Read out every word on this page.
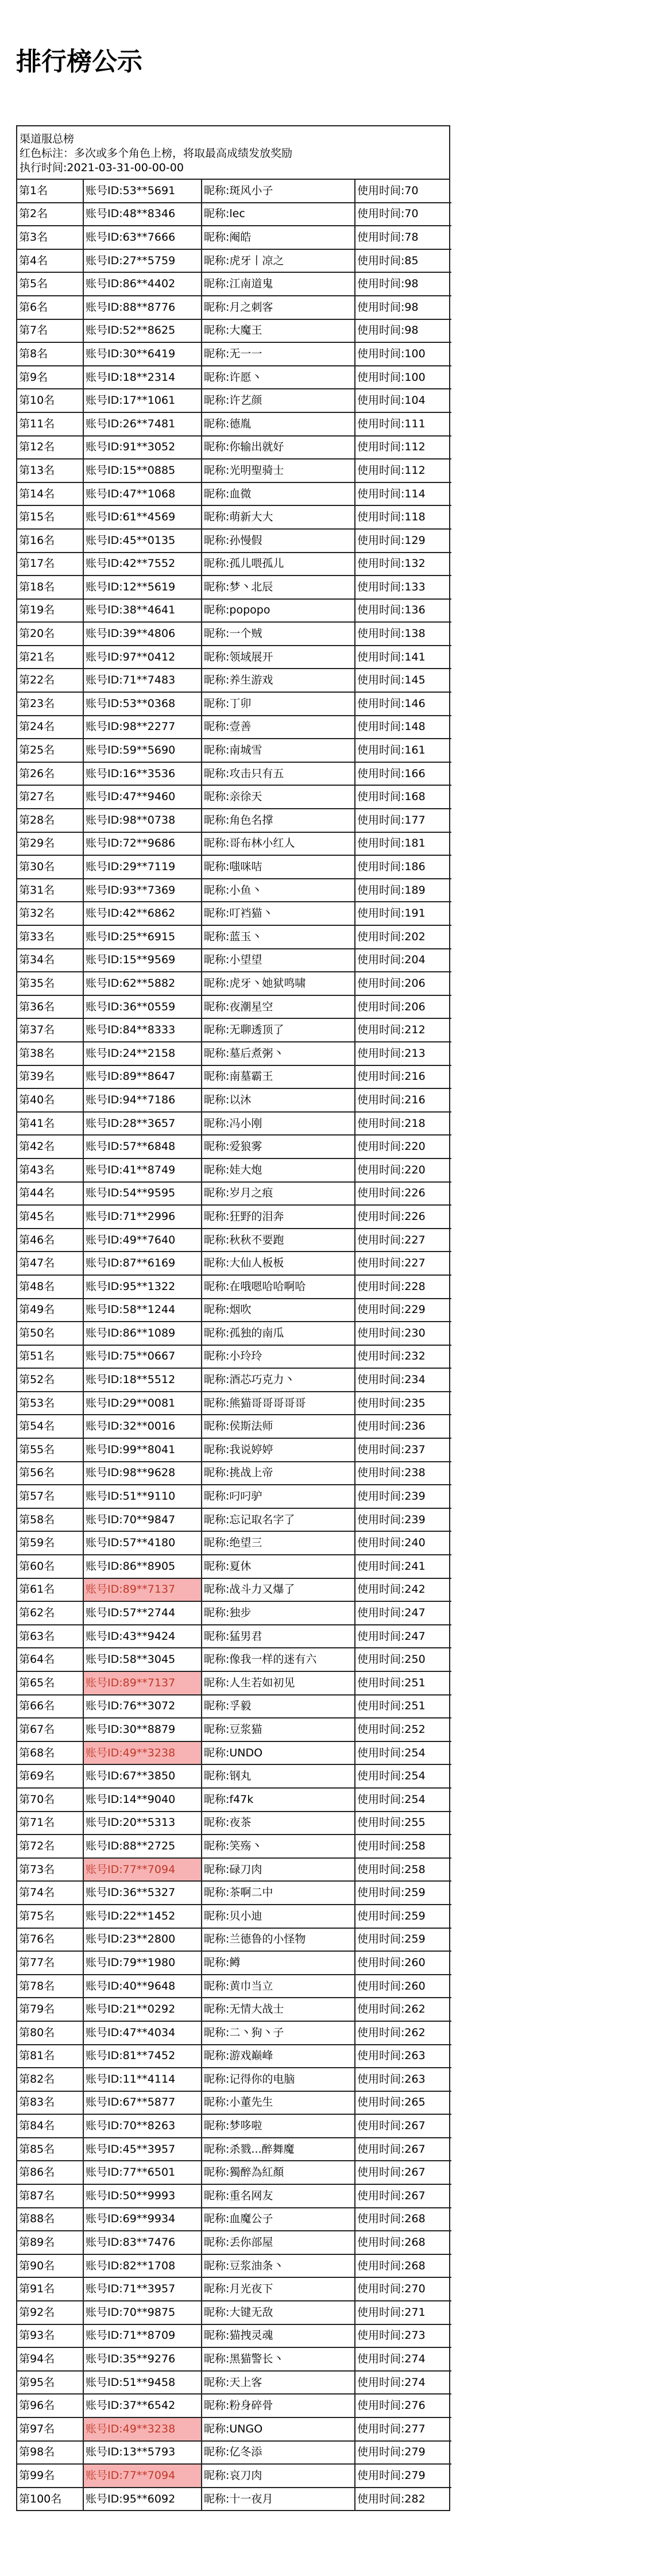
排行榜公示
渠道服总榜
红色标注：多次或多个角色上榜，将取最高成绩发放奖励
执行时间:2021-03-31-00-00-00
第1名	账号ID:53**5691	昵称:斑风小子	使用时间:70
第2名	账号ID:48**8346	昵称:lec	使用时间:70
第3名	账号ID:63**7666	昵称:阉皓	使用时间:78
第4名	账号ID:27**5759	昵称:虎牙丨凉之	使用时间:85
第5名	账号ID:86**4402	昵称:江南道鬼	使用时间:98
第6名	账号ID:88**8776	昵称:月之刺客	使用时间:98
第7名	账号ID:52**8625	昵称:大魔王	使用时间:98
第8名	账号ID:30**6419	昵称:无一一	使用时间:100
第9名	账号ID:18**2314	昵称:许愿丶	使用时间:100
第10名	账号ID:17**1061	昵称:许艺颜	使用时间:104
第11名	账号ID:26**7481	昵称:德胤	使用时间:111
第12名	账号ID:91**3052	昵称:你输出就好	使用时间:112
第13名	账号ID:15**0885	昵称:光明聖骑士	使用时间:112
第14名	账号ID:47**1068	昵称:血微	使用时间:114
第15名	账号ID:61**4569	昵称:萌新大大	使用时间:118
第16名	账号ID:45**0135	昵称:孙慢假	使用时间:129
第17名	账号ID:42**7552	昵称:孤儿喂孤儿	使用时间:132
第18名	账号ID:12**5619	昵称:梦丶北辰	使用时间:133
第19名	账号ID:38**4641	昵称:popopo	使用时间:136
第20名	账号ID:39**4806	昵称:一个贼	使用时间:138
第21名	账号ID:97**0412	昵称:领域展开	使用时间:141
第22名	账号ID:71**7483	昵称:养生游戏	使用时间:145
第23名	账号ID:53**0368	昵称:丁卯	使用时间:146
第24名	账号ID:98**2277	昵称:壹善	使用时间:148
第25名	账号ID:59**5690	昵称:南城雪	使用时间:161
第26名	账号ID:16**3536	昵称:攻击只有五	使用时间:166
第27名	账号ID:47**9460	昵称:亲徐天	使用时间:168
第28名	账号ID:98**0738	昵称:角色名撑	使用时间:177
第29名	账号ID:72**9686	昵称:哥布林小红人	使用时间:181
第30名	账号ID:29**7119	昵称:嗤咪咭	使用时间:186
第31名	账号ID:93**7369	昵称:小鱼丶	使用时间:189
第32名	账号ID:42**6862	昵称:叮裆猫丶	使用时间:191
第33名	账号ID:25**6915	昵称:蓝玉丶	使用时间:202
第34名	账号ID:15**9569	昵称:小望望	使用时间:204
第35名	账号ID:62**5882	昵称:虎牙丶她狱鸣啸	使用时间:206
第36名	账号ID:36**0559	昵称:夜潮星空	使用时间:206
第37名	账号ID:84**8333	昵称:无聊透顶了	使用时间:212
第38名	账号ID:24**2158	昵称:墓后煮粥丶	使用时间:213
第39名	账号ID:89**8647	昵称:南墓霸王	使用时间:216
第40名	账号ID:94**7186	昵称:以沐	使用时间:216
第41名	账号ID:28**3657	昵称:冯小刚	使用时间:218
第42名	账号ID:57**6848	昵称:爱狼雾	使用时间:220
第43名	账号ID:41**8749	昵称:娃大炮	使用时间:220
第44名	账号ID:54**9595	昵称:岁月之痕	使用时间:226
第45名	账号ID:71**2996	昵称:狂野的泪奔	使用时间:226
第46名	账号ID:49**7640	昵称:秋秋不要跑	使用时间:227
第47名	账号ID:87**6169	昵称:大仙人板板	使用时间:227
第48名	账号ID:95**1322	昵称:在哦嗯哈哈啊哈	使用时间:228
第49名	账号ID:58**1244	昵称:烟吹	使用时间:229
第50名	账号ID:86**1089	昵称:孤独的南瓜	使用时间:230
第51名	账号ID:75**0667	昵称:小玲玲	使用时间:232
第52名	账号ID:18**5512	昵称:酒芯巧克力丶	使用时间:234
第53名	账号ID:29**0081	昵称:熊猫哥哥哥哥哥	使用时间:235
第54名	账号ID:32**0016	昵称:侯斯法师	使用时间:236
第55名	账号ID:99**8041	昵称:我说婷婷	使用时间:237
第56名	账号ID:98**9628	昵称:挑战上帝	使用时间:238
第57名	账号ID:51**9110	昵称:叼叼驴	使用时间:239
第58名	账号ID:70**9847	昵称:忘记取名字了	使用时间:239
第59名	账号ID:57**4180	昵称:绝望三	使用时间:240
第60名	账号ID:86**8905	昵称:夏休	使用时间:241
第61名	账号ID:89**7137	昵称:战斗力又爆了	使用时间:242
第62名	账号ID:57**2744	昵称:独步	使用时间:247
第63名	账号ID:43**9424	昵称:猛男君	使用时间:247
第64名	账号ID:58**3045	昵称:像我一样的迷有六	使用时间:250
第65名	账号ID:89**7137	昵称:人生若如初见	使用时间:251
第66名	账号ID:76**3072	昵称:孚毅	使用时间:251
第67名	账号ID:30**8879	昵称:豆浆猫	使用时间:252
第68名	账号ID:49**3238	昵称:UNDO	使用时间:254
第69名	账号ID:67**3850	昵称:钢丸	使用时间:254
第70名	账号ID:14**9040	昵称:f47k	使用时间:254
第71名	账号ID:20**5313	昵称:夜茶	使用时间:255
第72名	账号ID:88**2725	昵称:笑殇丶	使用时间:258
第73名	账号ID:77**7094	昵称:碌刀肉	使用时间:258
第74名	账号ID:36**5327	昵称:茶啊二中	使用时间:259
第75名	账号ID:22**1452	昵称:贝小迪	使用时间:259
第76名	账号ID:23**2800	昵称:兰德鲁的小怪物	使用时间:259
第77名	账号ID:79**1980	昵称:鳟	使用时间:260
第78名	账号ID:40**9648	昵称:黄巾当立	使用时间:260
第79名	账号ID:21**0292	昵称:无情大战士	使用时间:262
第80名	账号ID:47**4034	昵称:二丶狗丶子	使用时间:262
第81名	账号ID:81**7452	昵称:游戏巅峰	使用时间:263
第82名	账号ID:11**4114	昵称:记得你的电脑	使用时间:263
第83名	账号ID:67**5877	昵称:小董先生	使用时间:265
第84名	账号ID:70**8263	昵称:梦哆啦	使用时间:267
第85名	账号ID:45**3957	昵称:杀戮...醉舞魔	使用时间:267
第86名	账号ID:77**6501	昵称:獨醉為紅顏	使用时间:267
第87名	账号ID:50**9993	昵称:重名网友	使用时间:267
第88名	账号ID:69**9934	昵称:血魔公子	使用时间:268
第89名	账号ID:83**7476	昵称:丢你部屋	使用时间:268
第90名	账号ID:82**1708	昵称:豆浆油条丶	使用时间:268
第91名	账号ID:71**3957	昵称:月光夜下	使用时间:270
第92名	账号ID:70**9875	昵称:大键无敌	使用时间:271
第93名	账号ID:71**8709	昵称:猫拽灵魂	使用时间:273
第94名	账号ID:35**9276	昵称:黑猫警长丶	使用时间:274
第95名	账号ID:51**9458	昵称:天上客	使用时间:274
第96名	账号ID:37**6542	昵称:粉身碎骨	使用时间:276
第97名	账号ID:49**3238	昵称:UNGO	使用时间:277
第98名	账号ID:13**5793	昵称:亿冬添	使用时间:279
第99名	账号ID:77**7094	昵称:哀刀肉	使用时间:279
第100名	账号ID:95**6092	昵称:十一夜月	使用时间:282
